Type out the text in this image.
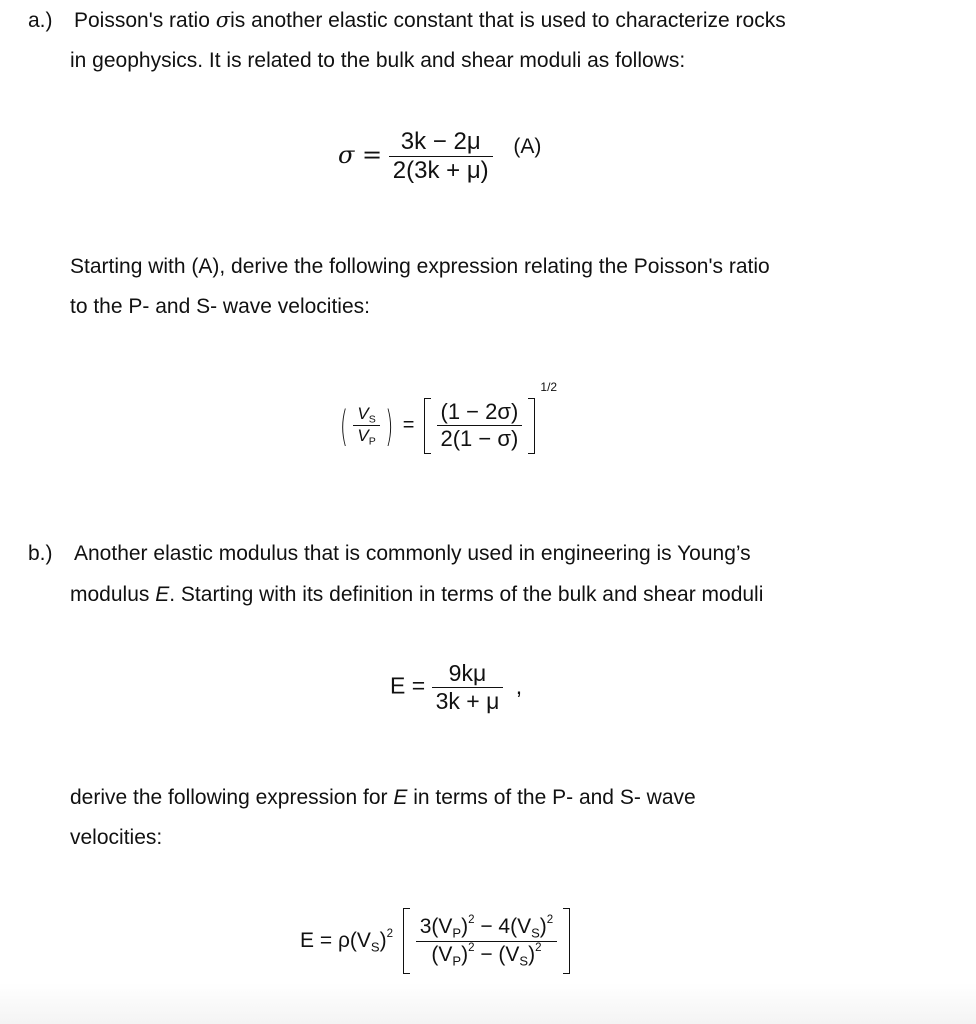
a.) Poisson's ratio σis another elastic constant that is used to characterize rocks
in geophysics. It is related to the bulk and shear moduli as follows:
$\sigma = \frac{3k - 2\mu}{2(3k + \mu)} (A)$
Starting with (A), derive the following expression relating the Poisson's ratio
to the P- and S- wave velocities:
( $\frac{V_S}{V_P}$ ) = $\frac{(1 - 2\sigma)}{2(1 - \sigma)}$
$^{1/2}$
b.) Another elastic modulus that is commonly used in engineering is Young’s
modulus E. Starting with its definition in terms of the bulk and shear moduli
$E = \frac{9k\mu}{3k + \mu}$ ,
derive the following expression for E in terms of the P- and S- wave
velocities:
$E = \rho(V_S)^2 \frac{3(V_P)^2 - 4(V_S)^2}{(V_P)^2 - (V_S)^2}$
